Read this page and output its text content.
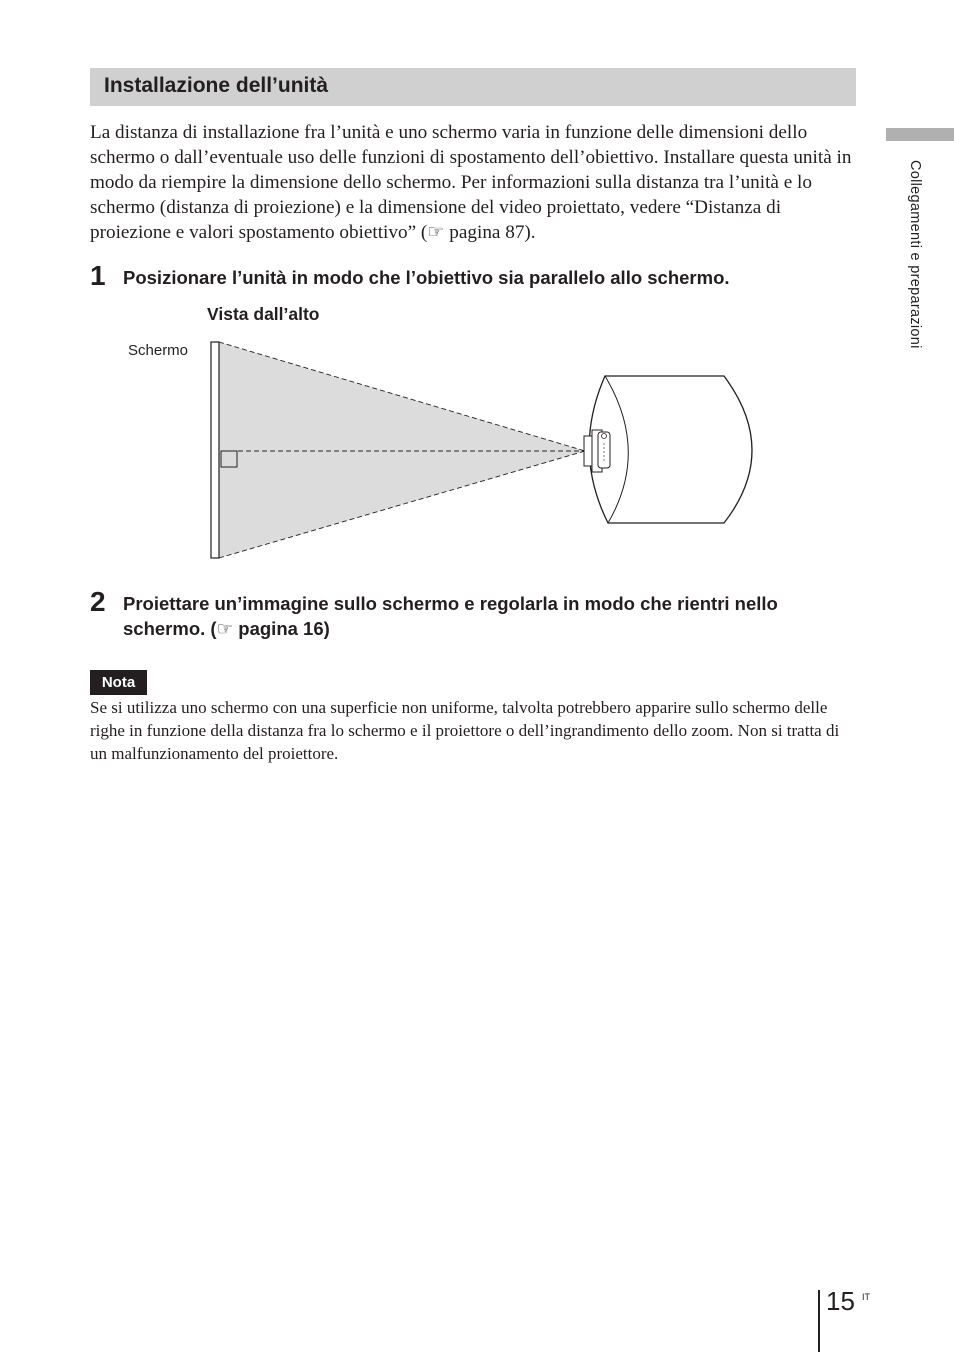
Installazione dell’unità

La distanza di installazione fra l’unità e uno schermo varia in funzione delle dimensioni dello schermo o dall’eventuale uso delle funzioni di spostamento dell’obiettivo. Installare questa unità in modo da riempire la dimensione dello schermo. Per informazioni sulla distanza tra l’unità e lo schermo (distanza di proiezione) e la dimensione del video proiettato, vedere “Distanza di proiezione e valori spostamento obiettivo” (☞ pagina 87).

1 Posizionare l’unità in modo che l’obiettivo sia parallelo allo schermo.
Vista dall’alto
Schermo
2 Proiettare un’immagine sullo schermo e regolarla in modo che rientri nello schermo. (☞ pagina 16)
Nota

Se si utilizza uno schermo con una superficie non uniforme, talvolta potrebbero apparire sullo schermo delle righe in funzione della distanza fra lo schermo e il proiettore o dell’ingrandimento dello zoom. Non si tratta di un malfunzionamento del proiettore.

Collegamenti e preparazioni
15 IT
